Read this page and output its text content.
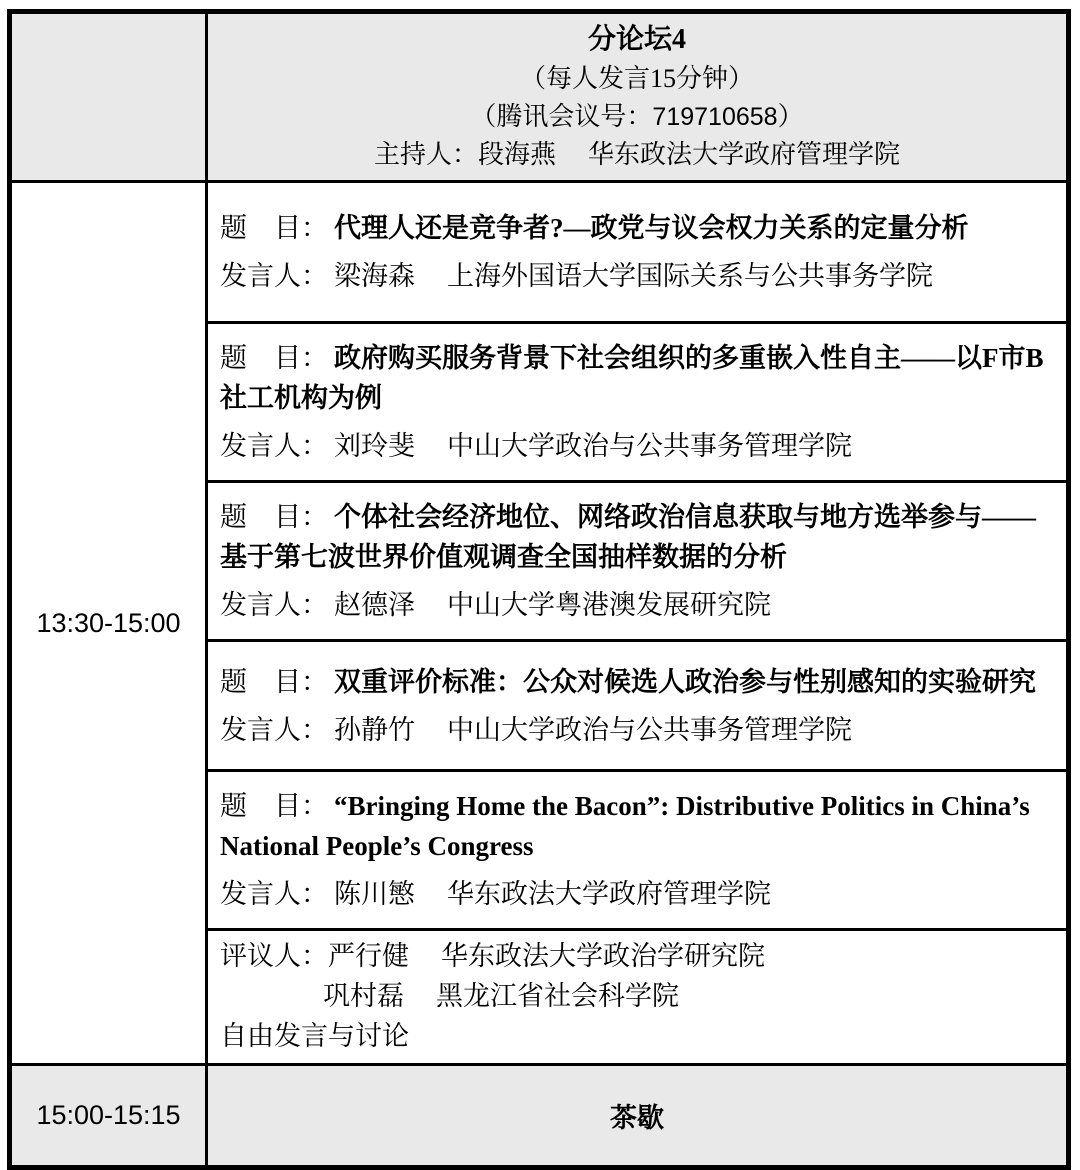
	分论坛4
（每人发言15分钟）
（腾讯会议号：719710658）
主持人：段海燕 华东政法大学政府管理学院

13:30-15:00	题　目： 代理人还是竞争者?—政党与议会权力关系的定量分析

发言人： 梁海森 上海外国语大学国际关系与公共事务学院

	题　目： 政府购买服务背景下社会组织的多重嵌入性自主——以F市B社工机构为例

发言人： 刘玲斐 中山大学政治与公共事务管理学院

	题　目： 个体社会经济地位、网络政治信息获取与地方选举参与——基于第七波世界价值观调查全国抽样数据的分析

发言人： 赵德泽 中山大学粤港澳发展研究院

	题　目： 双重评价标准：公众对候选人政治参与性别感知的实验研究

发言人： 孙静竹 中山大学政治与公共事务管理学院

	题　目： “Bringing Home the Bacon”: Distributive Politics in China’s National People’s Congress

发言人： 陈川慜 华东政法大学政府管理学院

	评议人：严行健 华东政法大学政治学研究院

巩村磊 黑龙江省社会科学院

自由发言与讨论

15:00-15:15	茶歇
